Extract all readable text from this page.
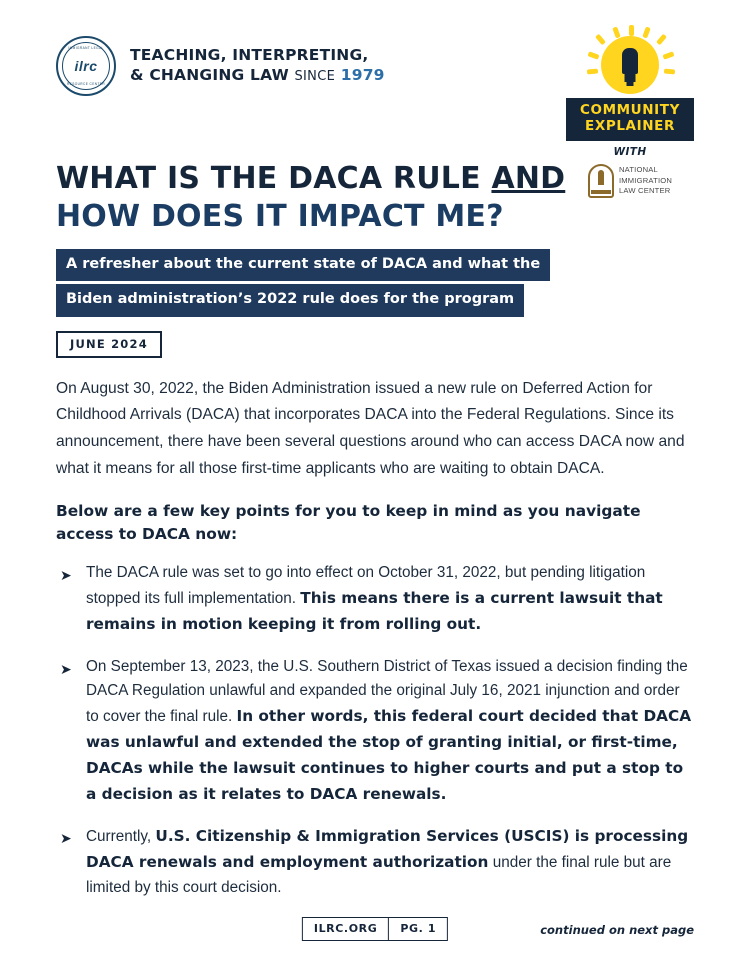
IMMIGRANT LEGAL
ilrc
RESOURCE CENTER
TEACHING, INTERPRETING,
& CHANGING LAW SINCE 1979
COMMUNITY
EXPLAINER
WITH
NATIONAL
IMMIGRATION
LAW CENTER
WHAT IS THE DACA RULE AND
HOW DOES IT IMPACT ME?
A refresher about the current state of DACA and what the
Biden administration’s 2022 rule does for the program
JUNE 2024

On August 30, 2022, the Biden Administration issued a new rule on Deferred Action for Childhood Arrivals (DACA) that incorporates DACA into the Federal Regulations. Since its announcement, there have been several questions around who can access DACA now and what it means for all those first-time applicants who are waiting to obtain DACA.

Below are a few key points for you to keep in mind as you navigate access to DACA now:

➤ The DACA rule was set to go into effect on October 31, 2022, but pending litigation stopped its full implementation. This means there is a current lawsuit that remains in motion keeping it from rolling out.
➤ On September 13, 2023, the U.S. Southern District of Texas issued a decision finding the DACA Regulation unlawful and expanded the original July 16, 2021 injunction and order to cover the final rule. In other words, this federal court decided that DACA was unlawful and extended the stop of granting initial, or first-time, DACAs while the lawsuit continues to higher courts and put a stop to a decision as it relates to DACA renewals.
➤ Currently, U.S. Citizenship & Immigration Services (USCIS) is processing DACA renewals and employment authorization under the final rule but are limited by this court decision.
ILRC.ORG	PG. 1	continued on next page
